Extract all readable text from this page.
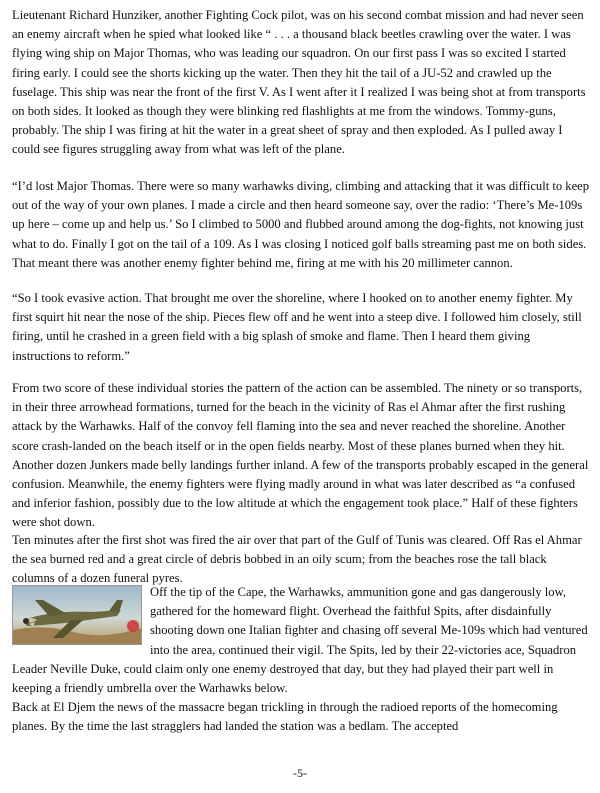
Lieutenant Richard Hunziker, another Fighting Cock pilot, was on his second combat mission and had never seen an enemy aircraft when he spied what looked like “ . . . a thousand black beetles crawling over the water. I was flying wing ship on Major Thomas, who was leading our squadron. On our first pass I was so excited I started firing early. I could see the shorts kicking up the water. Then they hit the tail of a JU-52 and crawled up the fuselage. This ship was near the front of the first V. As I went after it I realized I was being shot at from transports on both sides. It looked as though they were blinking red flashlights at me from the windows. Tommy-guns, probably. The ship I was firing at hit the water in a great sheet of spray and then exploded. As I pulled away I could see figures struggling away from what was left of the plane.

“I’d lost Major Thomas. There were so many warhawks diving, climbing and attacking that it was difficult to keep out of the way of your own planes. I made a circle and then heard someone say, over the radio: ‘There’s Me-109s up here – come up and help us.’ So I climbed to 5000 and flubbed around among the dog-fights, not knowing just what to do. Finally I got on the tail of a 109. As I was closing I noticed golf balls streaming past me on both sides. That meant there was another enemy fighter behind me, firing at me with his 20 millimeter cannon.

“So I took evasive action. That brought me over the shoreline, where I hooked on to another enemy fighter. My first squirt hit near the nose of the ship. Pieces flew off and he went into a steep dive. I followed him closely, still firing, until he crashed in a green field with a big splash of smoke and flame. Then I heard them giving instructions to reform.”

From two score of these individual stories the pattern of the action can be assembled. The ninety or so transports, in their three arrowhead formations, turned for the beach in the vicinity of Ras el Ahmar after the first rushing attack by the Warhawks. Half of the convoy fell flaming into the sea and never reached the shoreline. Another score crash-landed on the beach itself or in the open fields nearby. Most of these planes burned when they hit. Another dozen Junkers made belly landings further inland. A few of the transports probably escaped in the general confusion. Meanwhile, the enemy fighters were flying madly around in what was later described as “a confused and inferior fashion, possibly due to the low altitude at which the engagement took place.” Half of these fighters were shot down.

Ten minutes after the first shot was fired the air over that part of the Gulf of Tunis was cleared. Off Ras el Ahmar the sea burned red and a great circle of debris bobbed in an oily scum; from the beaches rose the tall black columns of a dozen funeral pyres.

Off the tip of the Cape, the Warhawks, ammunition gone and gas dangerously low, gathered for the homeward flight. Overhead the faithful Spits, after disdainfully shooting down one Italian fighter and chasing off several Me-109s which had ventured into the area, continued their vigil. The Spits, led by their 22-victories ace, Squadron Leader Neville Duke, could claim only one enemy destroyed that day, but they had played their part well in keeping a friendly umbrella over the Warhawks below.

Back at El Djem the news of the massacre began trickling in through the radioed reports of the homecoming planes. By the time the last stragglers had landed the station was a bedlam. The accepted

-5-
